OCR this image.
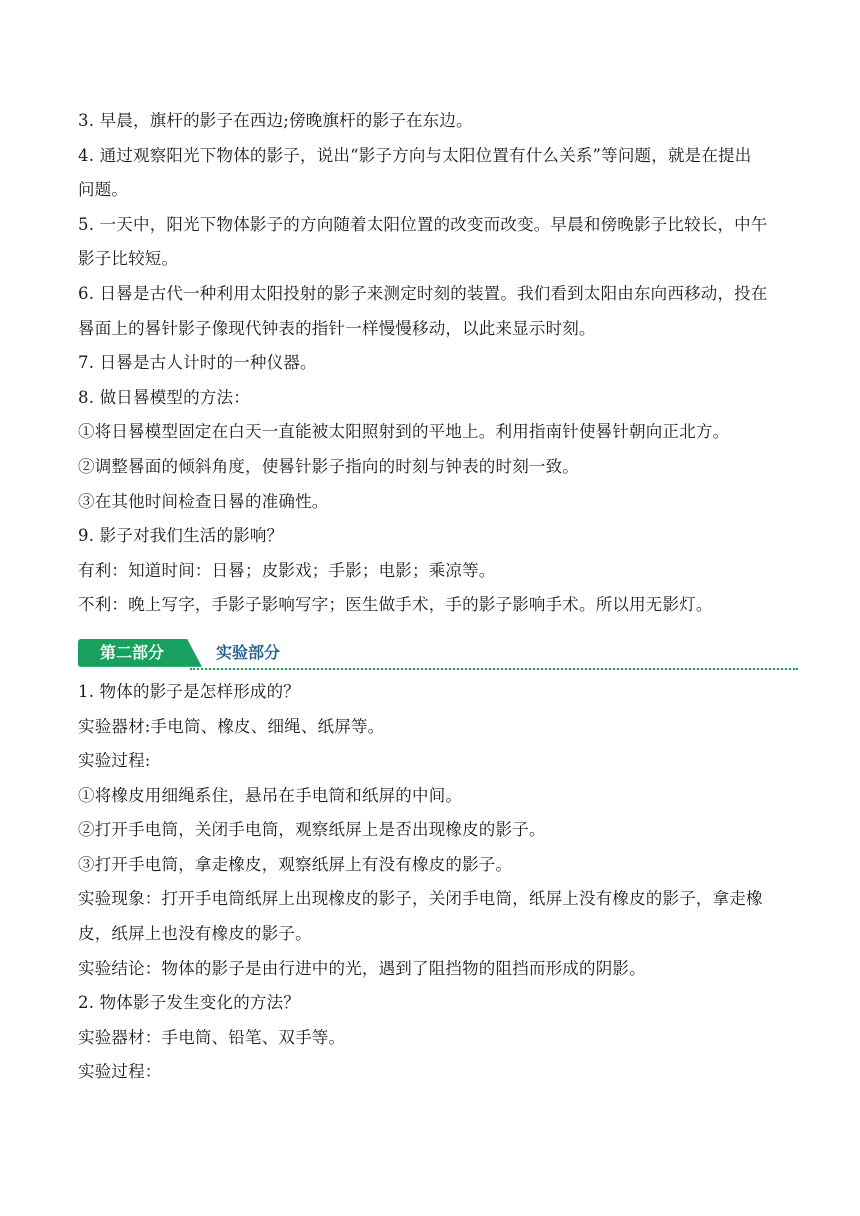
3. 早晨，旗杆的影子在西边;傍晚旗杆的影子在东边。

4. 通过观察阳光下物体的影子，说出“影子方向与太阳位置有什么关系”等问题，就是在提出

问题。

5. 一天中，阳光下物体影子的方向随着太阳位置的改变而改变。早晨和傍晚影子比较长，中午

影子比较短。

6. 日晷是古代一种利用太阳投射的影子来测定时刻的装置。我们看到太阳由东向西移动，投在

晷面上的晷针影子像现代钟表的指针一样慢慢移动，以此来显示时刻。

7. 日晷是古人计时的一种仪器。

8. 做日晷模型的方法：

①将日晷模型固定在白天一直能被太阳照射到的平地上。利用指南针使晷针朝向正北方。

②调整晷面的倾斜角度，使晷针影子指向的时刻与钟表的时刻一致。

③在其他时间检查日晷的准确性。

9. 影子对我们生活的影响？

有利：知道时间：日晷；皮影戏；手影；电影；乘凉等。

不利：晚上写字，手影子影响写字；医生做手术，手的影子影响手术。所以用无影灯。

第二部分	实验部分

1. 物体的影子是怎样形成的？

实验器材:手电筒、橡皮、细绳、纸屏等。

实验过程:

①将橡皮用细绳系住，悬吊在手电筒和纸屏的中间。

②打开手电筒，关闭手电筒，观察纸屏上是否出现橡皮的影子。

③打开手电筒，拿走橡皮，观察纸屏上有没有橡皮的影子。

实验现象：打开手电筒纸屏上出现橡皮的影子，关闭手电筒，纸屏上没有橡皮的影子，拿走橡

皮，纸屏上也没有橡皮的影子。

实验结论：物体的影子是由行进中的光，遇到了阻挡物的阻挡而形成的阴影。

2. 物体影子发生变化的方法？

实验器材：手电筒、铅笔、双手等。

实验过程：
